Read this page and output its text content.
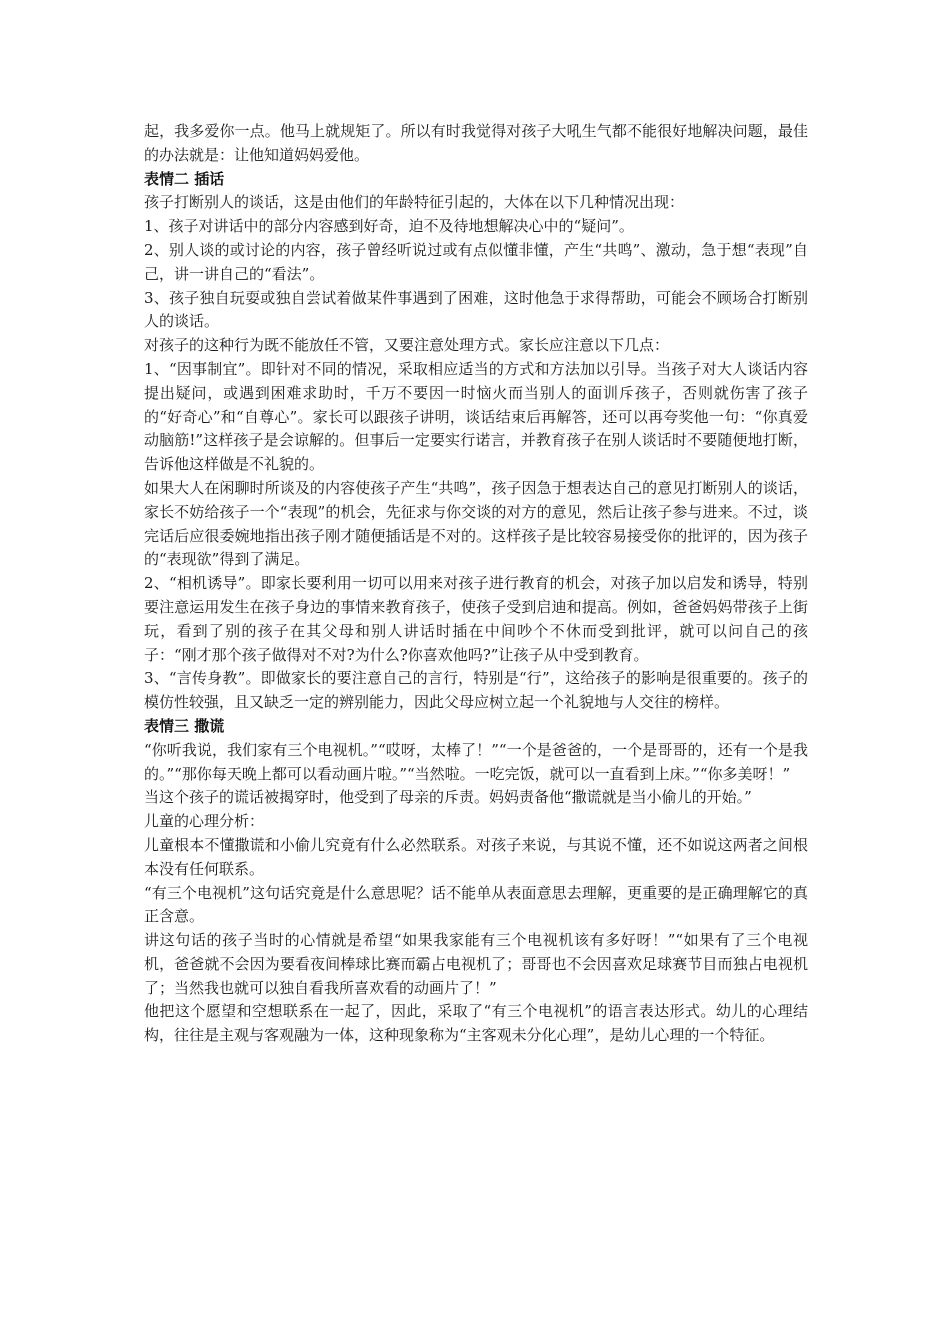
起，我多爱你一点。他马上就规矩了。所以有时我觉得对孩子大吼生气都不能很好地解决问题，最佳的办法就是：让他知道妈妈爱他。

表情二 插话

孩子打断别人的谈话，这是由他们的年龄特征引起的，大体在以下几种情况出现：

1、孩子对讲话中的部分内容感到好奇，迫不及待地想解决心中的“疑问”。

2、别人谈的或讨论的内容，孩子曾经听说过或有点似懂非懂，产生“共鸣”、激动，急于想“表现”自己，讲一讲自己的“看法”。

3、孩子独自玩耍或独自尝试着做某件事遇到了困难，这时他急于求得帮助，可能会不顾场合打断别人的谈话。

对孩子的这种行为既不能放任不管，又要注意处理方式。家长应注意以下几点：

1、“因事制宜”。即针对不同的情况，采取相应适当的方式和方法加以引导。当孩子对大人谈话内容提出疑问，或遇到困难求助时，千万不要因一时恼火而当别人的面训斥孩子，否则就伤害了孩子的“好奇心”和“自尊心”。家长可以跟孩子讲明，谈话结束后再解答，还可以再夸奖他一句：“你真爱动脑筋!”这样孩子是会谅解的。但事后一定要实行诺言，并教育孩子在别人谈话时不要随便地打断，告诉他这样做是不礼貌的。

如果大人在闲聊时所谈及的内容使孩子产生“共鸣”，孩子因急于想表达自己的意见打断别人的谈话，家长不妨给孩子一个“表现”的机会，先征求与你交谈的对方的意见，然后让孩子参与进来。不过，谈完话后应很委婉地指出孩子刚才随便插话是不对的。这样孩子是比较容易接受你的批评的，因为孩子的“表现欲”得到了满足。

2、“相机诱导”。即家长要利用一切可以用来对孩子进行教育的机会，对孩子加以启发和诱导，特别要注意运用发生在孩子身边的事情来教育孩子，使孩子受到启迪和提高。例如，爸爸妈妈带孩子上街玩，看到了别的孩子在其父母和别人讲话时插在中间吵个不休而受到批评，就可以问自己的孩子：“刚才那个孩子做得对不对?为什么?你喜欢他吗?”让孩子从中受到教育。

3、“言传身教”。即做家长的要注意自己的言行，特别是“行”，这给孩子的影响是很重要的。孩子的模仿性较强，且又缺乏一定的辨别能力，因此父母应树立起一个礼貌地与人交往的榜样。

表情三 撒谎

“你听我说，我们家有三个电视机。”“哎呀，太棒了！”“一个是爸爸的，一个是哥哥的，还有一个是我的。”“那你每天晚上都可以看动画片啦。”“当然啦。一吃完饭，就可以一直看到上床。”“你多美呀！”

当这个孩子的谎话被揭穿时，他受到了母亲的斥责。妈妈责备他“撒谎就是当小偷儿的开始。”

儿童的心理分析：

儿童根本不懂撒谎和小偷儿究竟有什么必然联系。对孩子来说，与其说不懂，还不如说这两者之间根本没有任何联系。

“有三个电视机”这句话究竟是什么意思呢？话不能单从表面意思去理解，更重要的是正确理解它的真正含意。

讲这句话的孩子当时的心情就是希望“如果我家能有三个电视机该有多好呀！”“如果有了三个电视机，爸爸就不会因为要看夜间棒球比赛而霸占电视机了；哥哥也不会因喜欢足球赛节目而独占电视机了；当然我也就可以独自看我所喜欢看的动画片了！”

他把这个愿望和空想联系在一起了，因此，采取了“有三个电视机”的语言表达形式。幼儿的心理结构，往往是主观与客观融为一体，这种现象称为“主客观未分化心理”，是幼儿心理的一个特征。
